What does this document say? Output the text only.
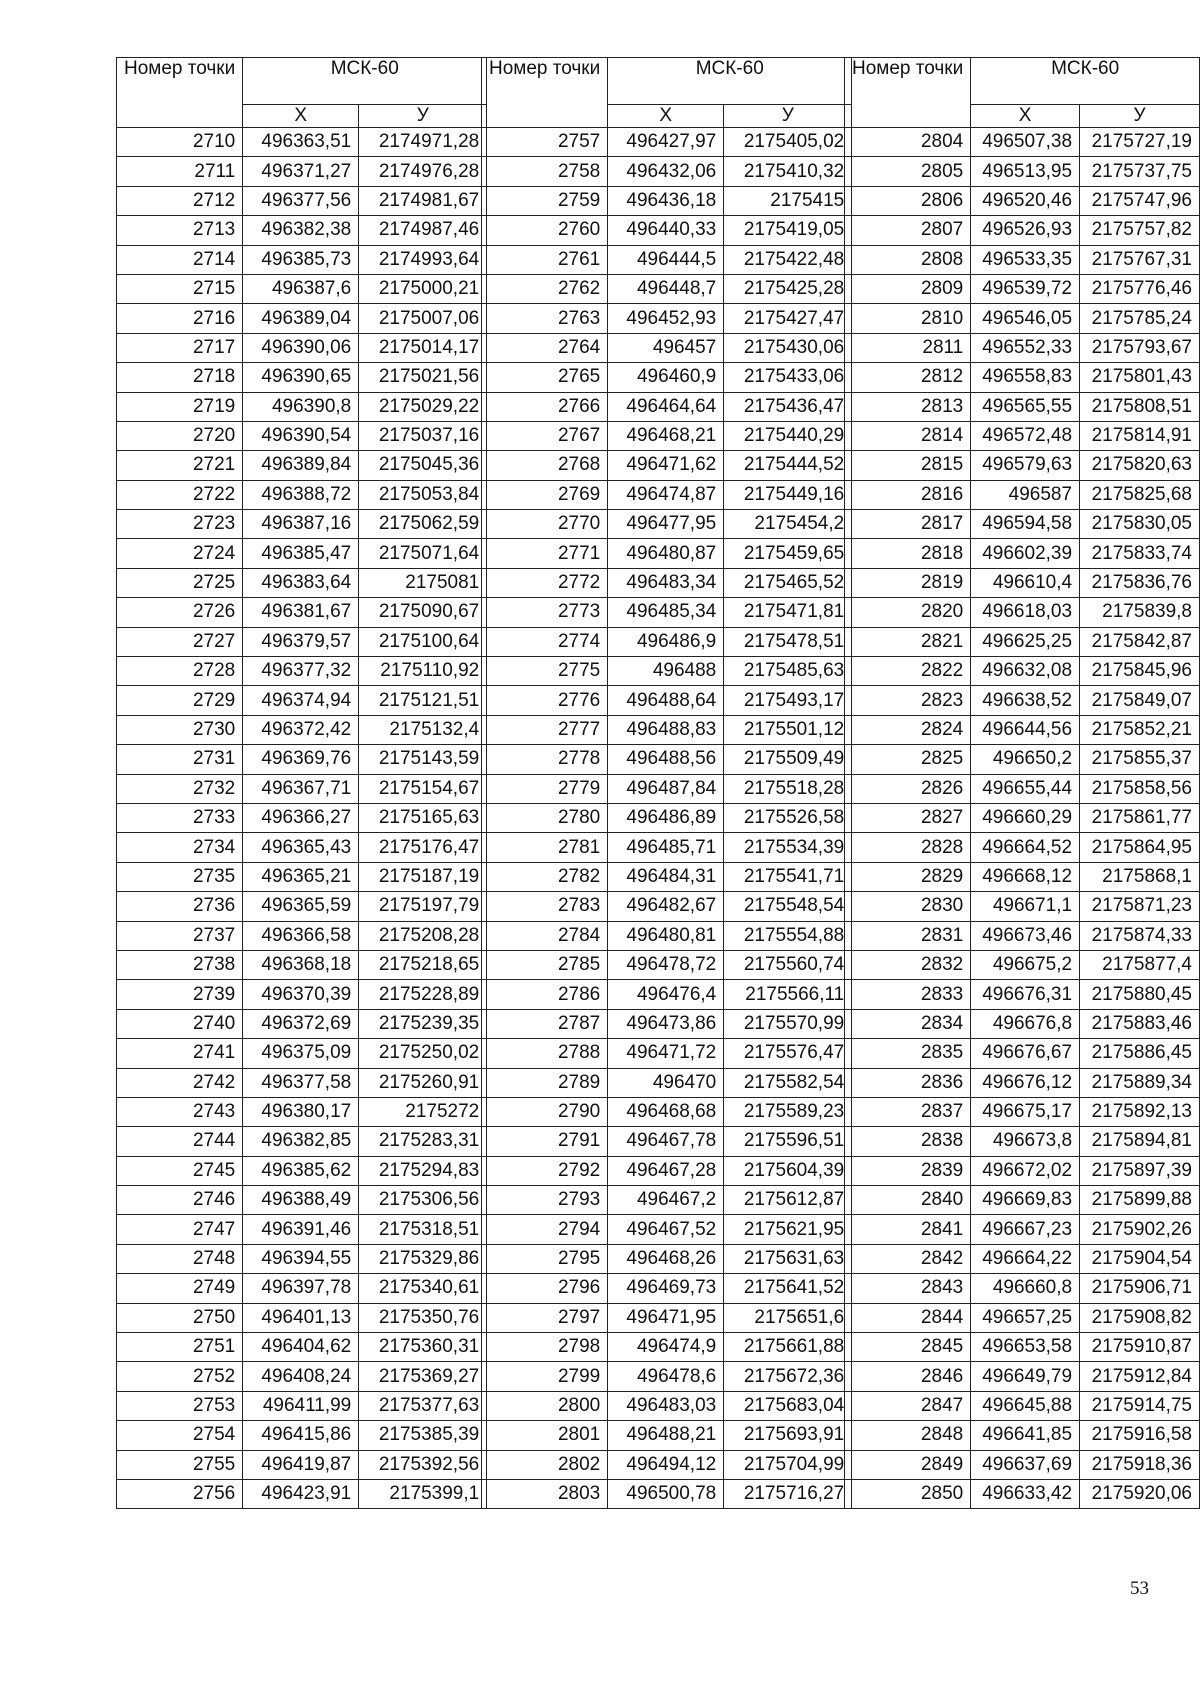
Номер точки	МСК-60	
	X	У
2710	496363,51	2174971,28
2711	496371,27	2174976,28
2712	496377,56	2174981,67
2713	496382,38	2174987,46
2714	496385,73	2174993,64
2715	496387,6	2175000,21
2716	496389,04	2175007,06
2717	496390,06	2175014,17
2718	496390,65	2175021,56
2719	496390,8	2175029,22
2720	496390,54	2175037,16
2721	496389,84	2175045,36
2722	496388,72	2175053,84
2723	496387,16	2175062,59
2724	496385,47	2175071,64
2725	496383,64	2175081
2726	496381,67	2175090,67
2727	496379,57	2175100,64
2728	496377,32	2175110,92
2729	496374,94	2175121,51
2730	496372,42	2175132,4
2731	496369,76	2175143,59
2732	496367,71	2175154,67
2733	496366,27	2175165,63
2734	496365,43	2175176,47
2735	496365,21	2175187,19
2736	496365,59	2175197,79
2737	496366,58	2175208,28
2738	496368,18	2175218,65
2739	496370,39	2175228,89
2740	496372,69	2175239,35
2741	496375,09	2175250,02
2742	496377,58	2175260,91
2743	496380,17	2175272
2744	496382,85	2175283,31
2745	496385,62	2175294,83
2746	496388,49	2175306,56
2747	496391,46	2175318,51
2748	496394,55	2175329,86
2749	496397,78	2175340,61
2750	496401,13	2175350,76
2751	496404,62	2175360,31
2752	496408,24	2175369,27
2753	496411,99	2175377,63
2754	496415,86	2175385,39
2755	496419,87	2175392,56
2756	496423,91	2175399,1
Номер точки	МСК-60	
	X	У
2757	496427,97	2175405,02
2758	496432,06	2175410,32
2759	496436,18	2175415
2760	496440,33	2175419,05
2761	496444,5	2175422,48
2762	496448,7	2175425,28
2763	496452,93	2175427,47
2764	496457	2175430,06
2765	496460,9	2175433,06
2766	496464,64	2175436,47
2767	496468,21	2175440,29
2768	496471,62	2175444,52
2769	496474,87	2175449,16
2770	496477,95	2175454,2
2771	496480,87	2175459,65
2772	496483,34	2175465,52
2773	496485,34	2175471,81
2774	496486,9	2175478,51
2775	496488	2175485,63
2776	496488,64	2175493,17
2777	496488,83	2175501,12
2778	496488,56	2175509,49
2779	496487,84	2175518,28
2780	496486,89	2175526,58
2781	496485,71	2175534,39
2782	496484,31	2175541,71
2783	496482,67	2175548,54
2784	496480,81	2175554,88
2785	496478,72	2175560,74
2786	496476,4	2175566,11
2787	496473,86	2175570,99
2788	496471,72	2175576,47
2789	496470	2175582,54
2790	496468,68	2175589,23
2791	496467,78	2175596,51
2792	496467,28	2175604,39
2793	496467,2	2175612,87
2794	496467,52	2175621,95
2795	496468,26	2175631,63
2796	496469,73	2175641,52
2797	496471,95	2175651,6
2798	496474,9	2175661,88
2799	496478,6	2175672,36
2800	496483,03	2175683,04
2801	496488,21	2175693,91
2802	496494,12	2175704,99
2803	496500,78	2175716,27
Номер точки	МСК-60	
	X	У
2804	496507,38	2175727,19
2805	496513,95	2175737,75
2806	496520,46	2175747,96
2807	496526,93	2175757,82
2808	496533,35	2175767,31
2809	496539,72	2175776,46
2810	496546,05	2175785,24
2811	496552,33	2175793,67
2812	496558,83	2175801,43
2813	496565,55	2175808,51
2814	496572,48	2175814,91
2815	496579,63	2175820,63
2816	496587	2175825,68
2817	496594,58	2175830,05
2818	496602,39	2175833,74
2819	496610,4	2175836,76
2820	496618,03	2175839,8
2821	496625,25	2175842,87
2822	496632,08	2175845,96
2823	496638,52	2175849,07
2824	496644,56	2175852,21
2825	496650,2	2175855,37
2826	496655,44	2175858,56
2827	496660,29	2175861,77
2828	496664,52	2175864,95
2829	496668,12	2175868,1
2830	496671,1	2175871,23
2831	496673,46	2175874,33
2832	496675,2	2175877,4
2833	496676,31	2175880,45
2834	496676,8	2175883,46
2835	496676,67	2175886,45
2836	496676,12	2175889,34
2837	496675,17	2175892,13
2838	496673,8	2175894,81
2839	496672,02	2175897,39
2840	496669,83	2175899,88
2841	496667,23	2175902,26
2842	496664,22	2175904,54
2843	496660,8	2175906,71
2844	496657,25	2175908,82
2845	496653,58	2175910,87
2846	496649,79	2175912,84
2847	496645,88	2175914,75
2848	496641,85	2175916,58
2849	496637,69	2175918,36
2850	496633,42	2175920,06
53
